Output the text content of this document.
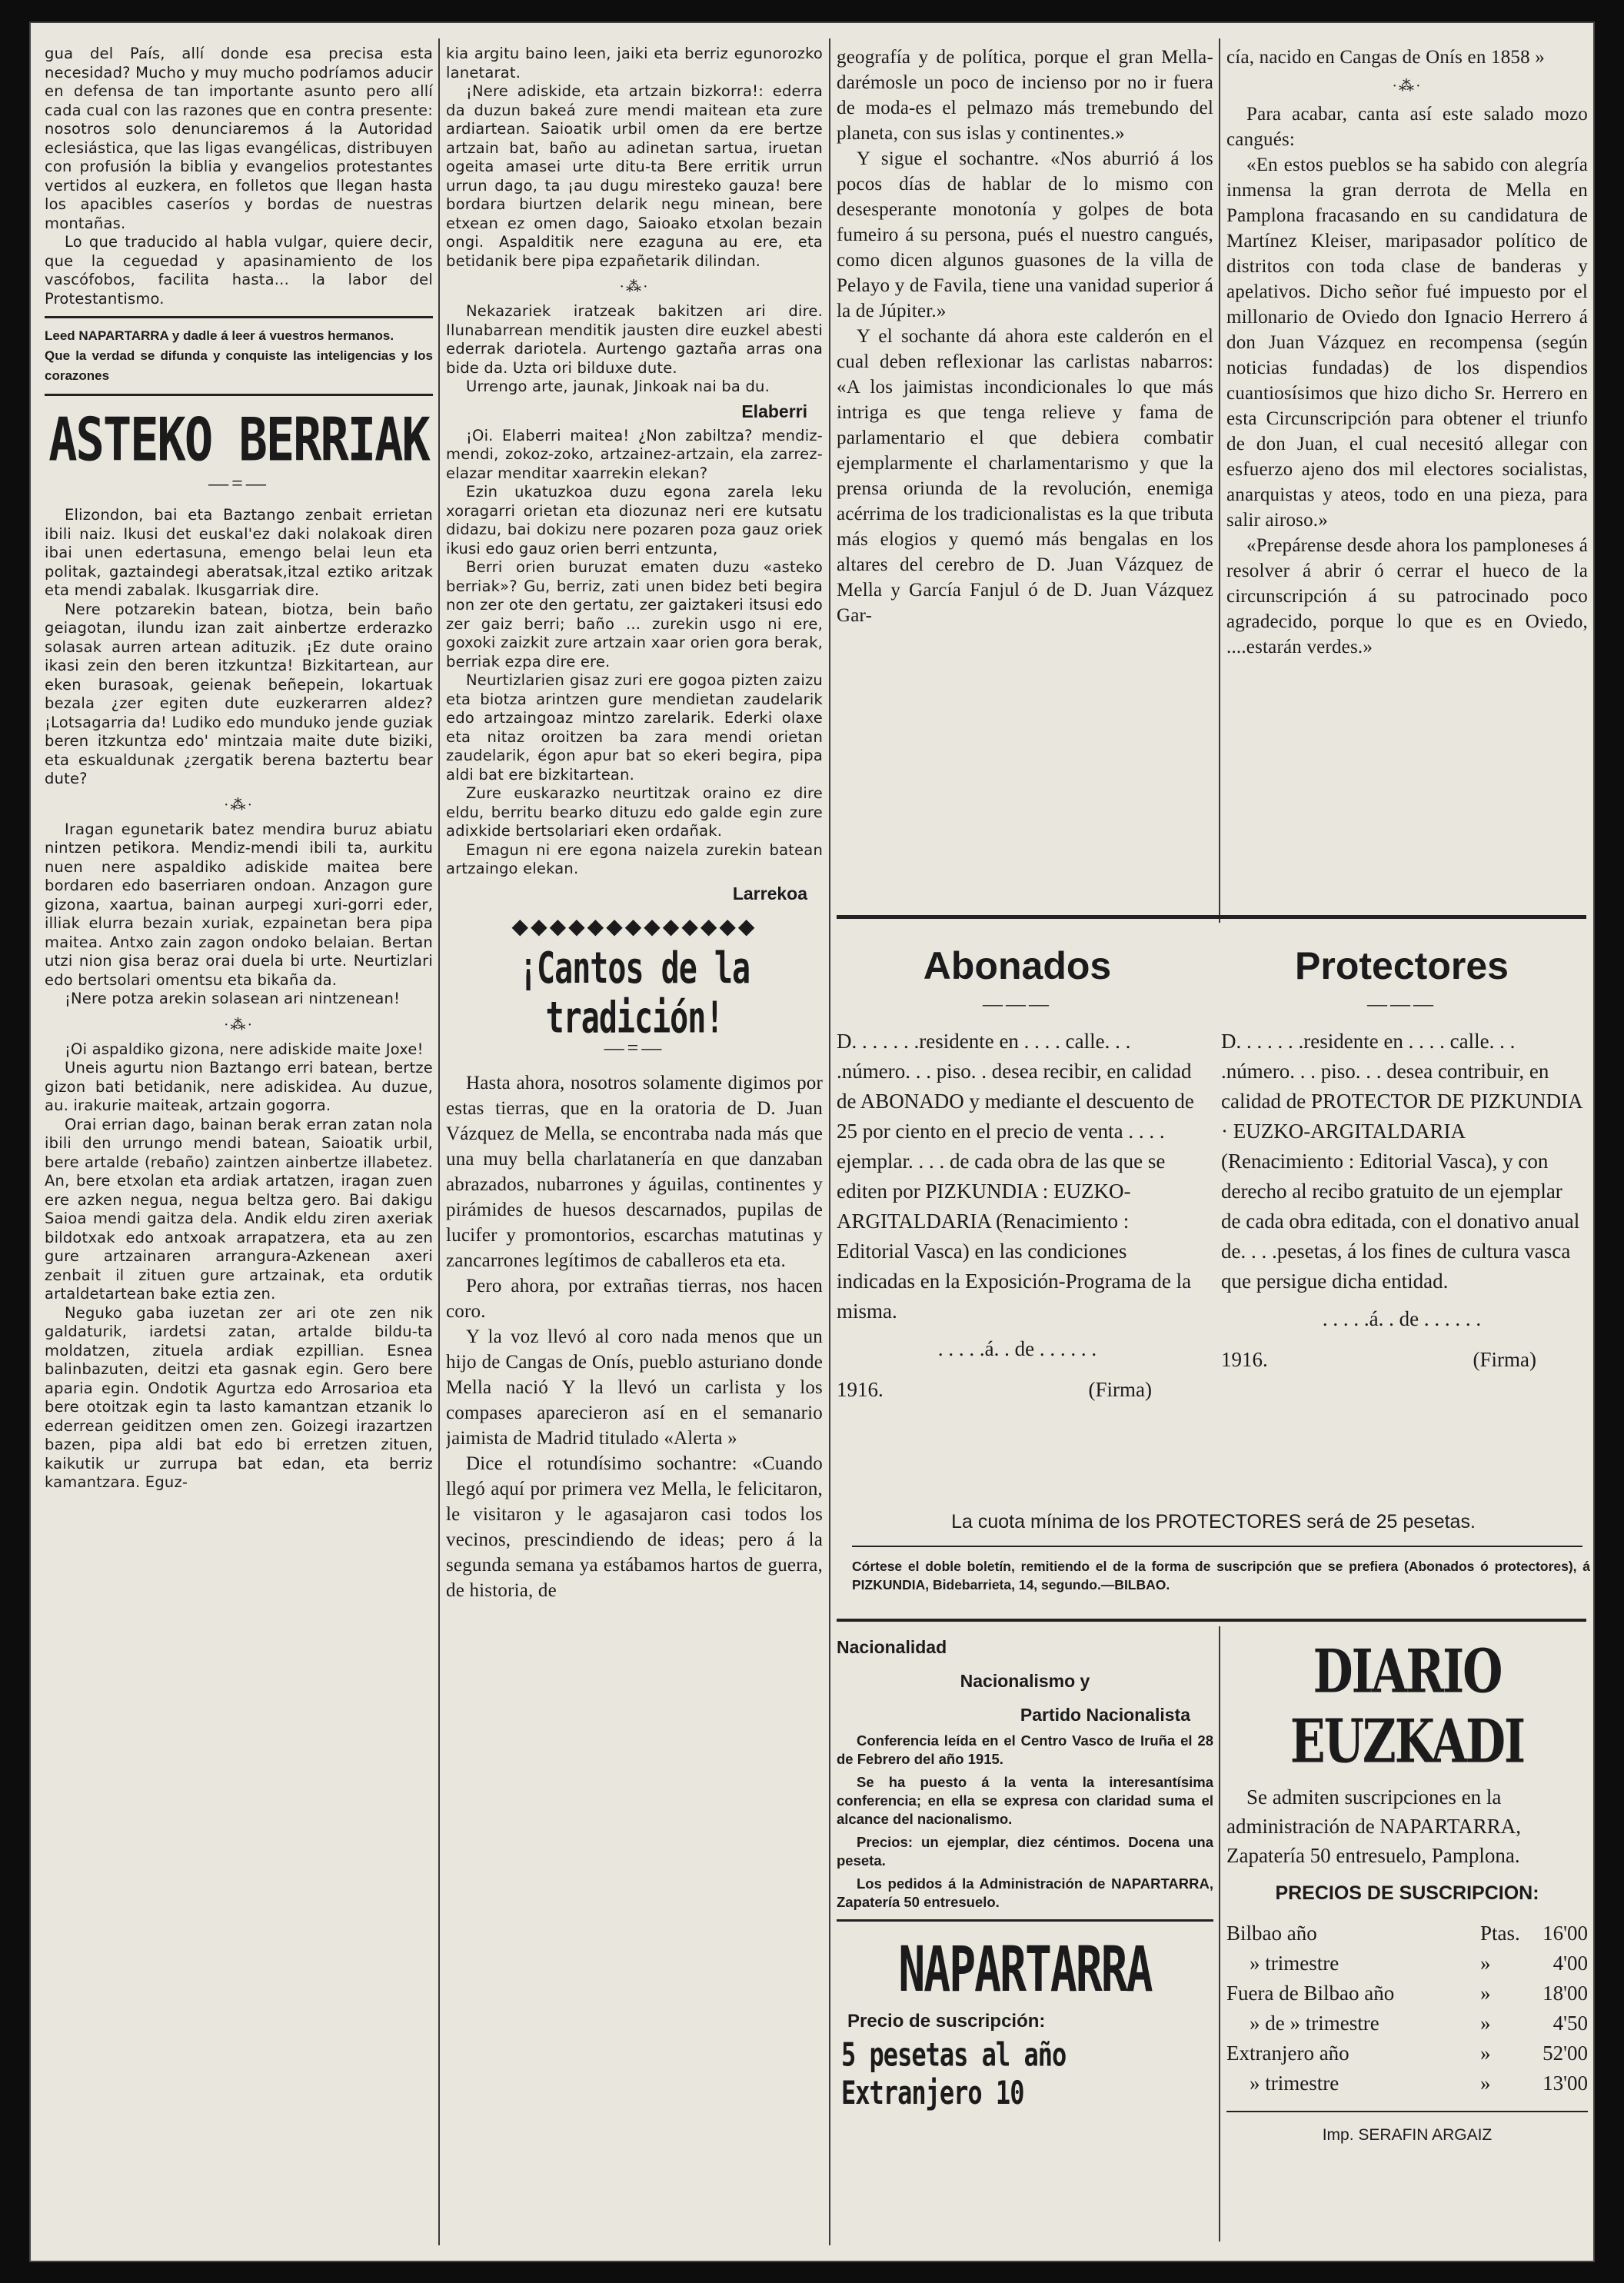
gua del País, allí donde esa precisa esta necesidad? Mucho y muy mucho podríamos aducir en defensa de tan importante asunto pero allí cada cual con las razones que en contra presente: nosotros solo denunciaremos á la Autoridad eclesiástica, que las ligas evangélicas, distribuyen con profusión la biblia y evangelios protestantes vertidos al euzkera, en folletos que llegan hasta los apacibles caseríos y bordas de nuestras montañas.

Lo que traducido al habla vulgar, quiere decir, que la ceguedad y apasinamiento de los vascófobos, facilita hasta... la labor del Protestantismo.

Leed NAPARTARRA y dadle á leer á vuestros hermanos.

Que la verdad se difunda y conquiste las inteligencias y los corazones

ASTEKO BERRIAK
—=—

Elizondon, bai eta Baztango zenbait errietan ibili naiz. Ikusi det euskal'ez daki nolakoak diren ibai unen edertasuna, emengo belai leun eta politak, gaztaindegi aberatsak,itzal eztiko aritzak eta mendi zabalak. Ikusgarriak dire.

Nere potzarekin batean, biotza, bein baño geiagotan, ilundu izan zait ainbertze erderazko solasak aurren artean adituzik. ¡Ez dute oraino ikasi zein den beren itzkuntza! Bizkitartean, aur eken burasoak, geienak beñepein, lokartuak bezala ¿zer egiten dute euzkerarren aldez? ¡Lotsagarria da! Ludiko edo munduko jende guziak beren itzkuntza edo' mintzaia maite dute biziki, eta eskualdunak ¿zergatik berena baztertu bear dute?

·⁂·

Iragan egunetarik batez mendira buruz abiatu nintzen petikora. Mendiz-mendi ibili ta, aurkitu nuen nere aspaldiko adiskide maitea bere bordaren edo baserriaren ondoan. Anzagon gure gizona, xaartua, bainan aurpegi xuri-gorri eder, illiak elurra bezain xuriak, ezpainetan bera pipa maitea. Antxo zain zagon ondoko belaian. Bertan utzi nion gisa beraz orai duela bi urte. Neurtizlari edo bertsolari omentsu eta bikaña da.

¡Nere potza arekin solasean ari nintzenean!

·⁂·

¡Oi aspaldiko gizona, nere adiskide maite Joxe!

Uneis agurtu nion Baztango erri batean, bertze gizon bati betidanik, nere adiskidea. Au duzue, au. irakurie maiteak, artzain gogorra.

Orai errian dago, bainan berak erran zatan nola ibili den urrungo mendi batean, Saioatik urbil, bere artalde (rebaño) zaintzen ainbertze illabetez. An, bere etxolan eta ardiak artatzen, iragan zuen ere azken negua, negua beltza gero. Bai dakigu Saioa mendi gaitza dela. Andik eldu ziren axeriak bildotxak edo antxoak arrapatzera, eta au zen gure artzainaren arrangura-Azkenean axeri zenbait il zituen gure artzainak, eta ordutik artaldetartean bake eztia zen.

Neguko gaba iuzetan zer ari ote zen nik galdaturik, iardetsi zatan, artalde bildu-ta moldatzen, zituela ardiak ezpillian. Esnea balinbazuten, deitzi eta gasnak egin. Gero bere aparia egin. Ondotik Agurtza edo Arrosarioa eta bere otoitzak egin ta lasto kamantzan etzanik lo ederrean geiditzen omen zen. Goizegi irazartzen bazen, pipa aldi bat edo bi erretzen zituen, kaikutik ur zurrupa bat edan, eta berriz kamantzara. Eguz-

kia argitu baino leen, jaiki eta berriz egunorozko lanetarat.

¡Nere adiskide, eta artzain bizkorra!: ederra da duzun bakeá zure mendi maitean eta zure ardiartean. Saioatik urbil omen da ere bertze artzain bat, baño au adinetan sartua, iruetan ogeita amasei urte ditu-ta Bere erritik urrun urrun dago, ta ¡au dugu miresteko gauza! bere bordara biurtzen delarik negu minean, bere etxean ez omen dago, Saioako etxolan bezain ongi. Aspalditik nere ezaguna au ere, eta betidanik bere pipa ezpañetarik dilindan.

·⁂·

Nekazariek iratzeak bakitzen ari dire. Ilunabarrean menditik jausten dire euzkel abesti ederrak dariotela. Aurtengo gaztaña arras ona bide da. Uzta ori bilduxe dute.

Urrengo arte, jaunak, Jinkoak nai ba du.

Elaberri

¡Oi. Elaberri maitea! ¿Non zabiltza? mendiz-mendi, zokoz-zoko, artzainez-artzain, ela zarrez-elazar menditar xaarrekin elekan?

Ezin ukatuzkoa duzu egona zarela leku xoragarri orietan eta diozunaz neri ere kutsatu didazu, bai dokizu nere pozaren poza gauz oriek ikusi edo gauz orien berri entzunta,

Berri orien buruzat ematen duzu «asteko berriak»? Gu, berriz, zati unen bidez beti begira non zer ote den gertatu, zer gaiztakeri itsusi edo zer gaiz berri; baño ... zurekin usgo ni ere, goxoki zaizkit zure artzain xaar orien gora berak, berriak ezpa dire ere.

Neurtizlarien gisaz zuri ere gogoa pizten zaizu eta biotza arintzen gure mendietan zaudelarik edo artzaingoaz mintzo zarelarik. Ederki olaxe eta nitaz oroitzen ba zara mendi orietan zaudelarik, égon apur bat so ekeri begira, pipa aldi bat ere bizkitartean.

Zure euskarazko neurtitzak oraino ez dire eldu, berritu bearko dituzu edo galde egin zure adixkide bertsolariari eken ordañak.

Emagun ni ere egona naizela zurekin batean artzaingo elekan.

Larrekoa
◆◆◆◆◆◆◆◆◆◆◆◆◆
¡Cantos de la tradición!
—=—

Hasta ahora, nosotros solamente digimos por estas tierras, que en la oratoria de D. Juan Vázquez de Mella, se encontraba nada más que una muy bella charlatanería en que danzaban abrazados, nubarrones y águilas, continentes y pirámides de huesos descarnados, pupilas de lucifer y promontorios, escarchas matutinas y zancarrones legítimos de caballeros eta eta.

Pero ahora, por extrañas tierras, nos hacen coro.

Y la voz llevó al coro nada menos que un hijo de Cangas de Onís, pueblo asturiano donde Mella nació Y la llevó un carlista y los compases aparecieron así en el semanario jaimista de Madrid titulado «Alerta »

Dice el rotundísimo sochantre: «Cuando llegó aquí por primera vez Mella, le felicitaron, le visitaron y le agasajaron casi todos los vecinos, prescindiendo de ideas; pero á la segunda semana ya estábamos hartos de guerra, de historia, de

geografía y de política, porque el gran Mella-darémosle un poco de incienso por no ir fuera de moda-es el pelmazo más tremebundo del planeta, con sus islas y continentes.»

Y sigue el sochantre. «Nos aburrió á los pocos días de hablar de lo mismo con desesperante monotonía y golpes de bota fumeiro á su persona, pués el nuestro cangués, como dicen algunos guasones de la villa de Pelayo y de Favila, tiene una vanidad superior á la de Júpiter.»

Y el sochante dá ahora este calderón en el cual deben reflexionar las carlistas nabarros: «A los jaimistas incondicionales lo que más intriga es que tenga relieve y fama de parlamentario el que debiera combatir ejemplarmente el charlamentarismo y que la prensa oriunda de la revolución, enemiga acérrima de los tradicionalistas es la que tributa más elogios y quemó más bengalas en los altares del cerebro de D. Juan Vázquez de Mella y García Fanjul ó de D. Juan Vázquez Gar-

cía, nacido en Cangas de Onís en 1858 »

·⁂·

Para acabar, canta así este salado mozo cangués:

«En estos pueblos se ha sabido con alegría inmensa la gran derrota de Mella en Pamplona fracasando en su candidatura de Martínez Kleiser, maripasador político de distritos con toda clase de banderas y apelativos. Dicho señor fué impuesto por el millonario de Oviedo don Ignacio Herrero á don Juan Vázquez en recompensa (según noticias fundadas) de los dispendios cuantiosísimos que hizo dicho Sr. Herrero en esta Circunscripción para obtener el triunfo de don Juan, el cual necesitó allegar con esfuerzo ajeno dos mil electores socialistas, anarquistas y ateos, todo en una pieza, para salir airoso.»

«Prepárense desde ahora los pamploneses á resolver á abrir ó cerrar el hueco de la circunscripción á su patrocinado poco agradecido, porque lo que es en Oviedo, ....estarán verdes.»

Abonados
———

D. . . . . . .residente en . . . . calle. . . .número. . . piso. . desea recibir, en calidad de ABONADO y mediante el descuento de 25 por ciento en el precio de venta . . . . ejemplar. . . . de cada obra de las que se editen por PIZKUNDIA : EUZKO-ARGITALDARIA (Renacimiento : Editorial Vasca) en las condiciones indicadas en la Exposición-Programa de la misma.

. . . . .á. . de . . . . . .

1916.	(Firma)
Protectores
———

D. . . . . . .residente en . . . . calle. . . .número. . . piso. . . desea contribuir, en calidad de PROTECTOR DE PIZKUNDIA · EUZKO-ARGITALDARIA (Renacimiento : Editorial Vasca), y con derecho al recibo gratuito de un ejemplar de cada obra editada, con el donativo anual de. . . .pesetas, á los fines de cultura vasca que persigue dicha entidad.

. . . . .á. . de . . . . . .

1916.	(Firma)
La cuota mínima de los PROTECTORES será de 25 pesetas.
Córtese el doble boletín, remitiendo el de la forma de suscripción que se prefiera (Abonados ó protectores), á PIZKUNDIA, Bidebarrieta, 14, segundo.—BILBAO.

Nacionalidad

Nacionalismo y

Partido Nacionalista

Conferencia leída en el Centro Vasco de Iruña el 28 de Febrero del año 1915.

Se ha puesto á la venta la interesantísima conferencia; en ella se expresa con claridad suma el alcance del nacionalismo.

Precios: un ejemplar, diez céntimos. Docena una peseta.

Los pedidos á la Administración de NAPARTARRA, Zapatería 50 entresuelo.

NAPARTARRA
Precio de suscripción:
5 pesetas al año Extranjero 10
DIARIO EUZKADI

Se admiten suscripciones en la administración de NAPARTARRA, Zapatería 50 entresuelo, Pamplona.

PRECIOS DE SUSCRIPCION:
Bilbao año	Ptas.	16'00
» trimestre	»	4'00
Fuera de Bilbao año	»	18'00
» de » trimestre	»	4'50
Extranjero año	»	52'00
» trimestre	»	13'00
Imp. SERAFIN ARGAIZ
